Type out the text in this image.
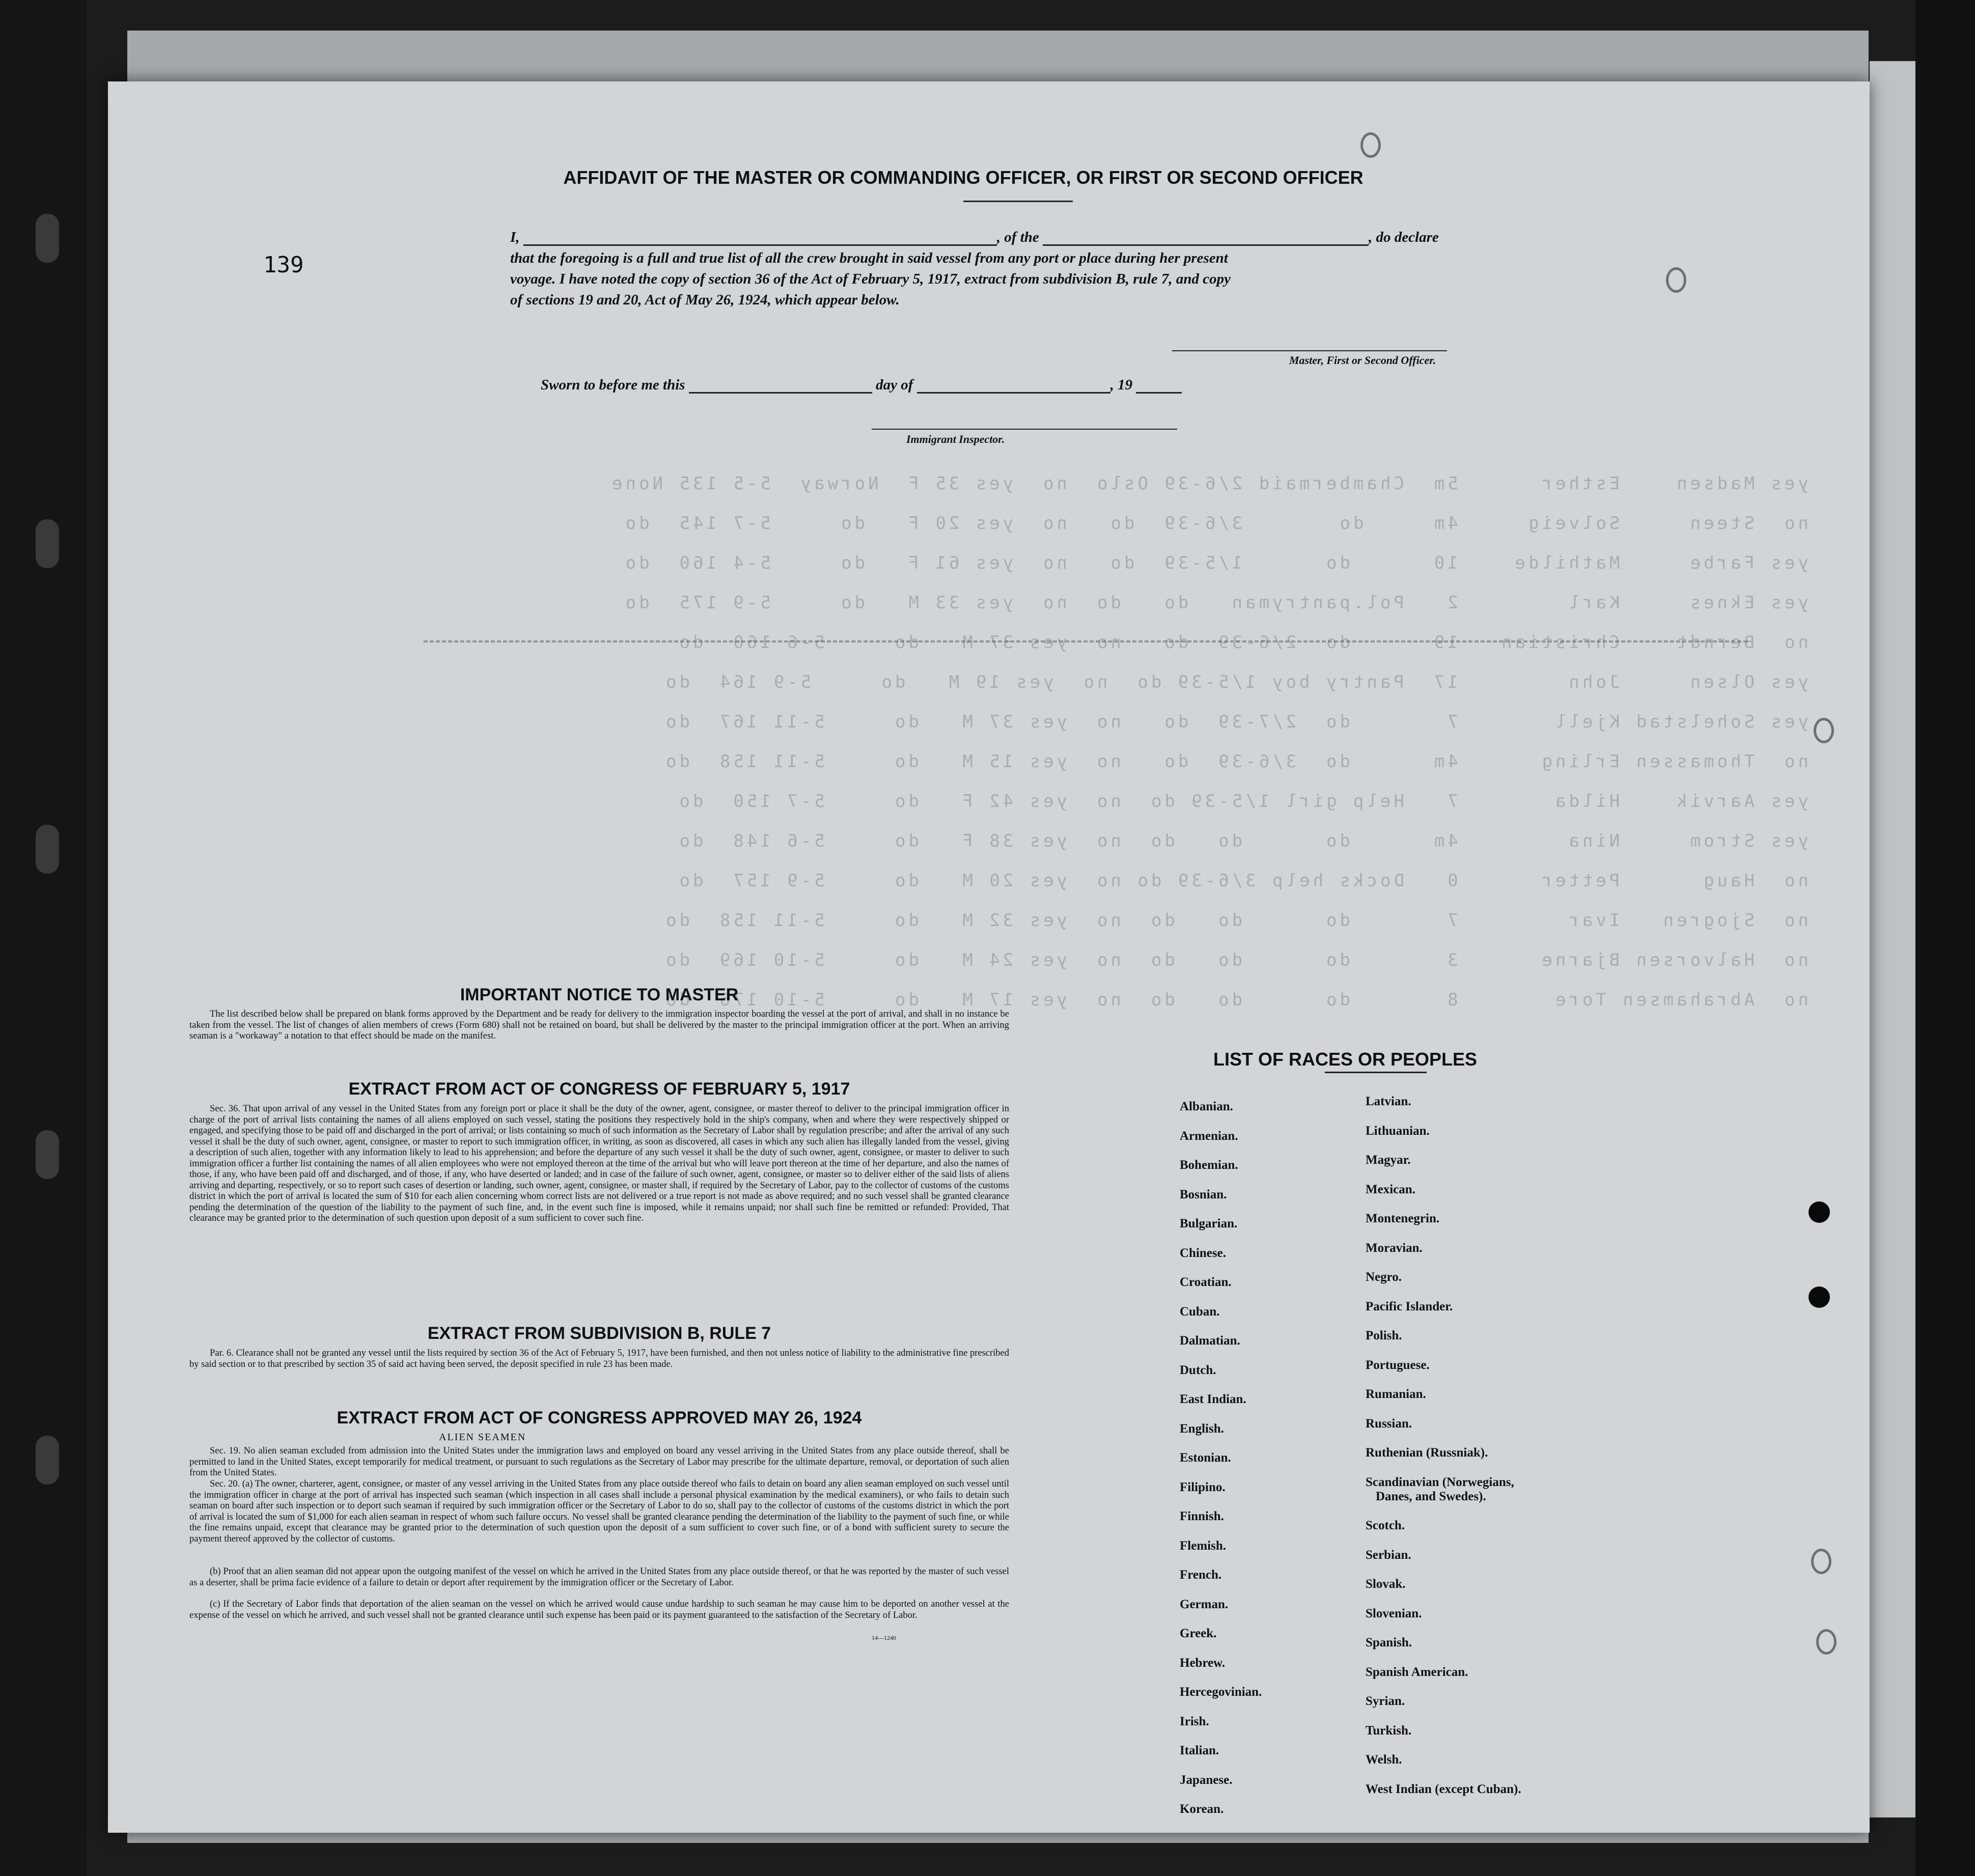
yes Madsen    Esther      5m  Chambermaid 2/6-39 Oslo  no  yes 35 F  Norway  5-5 135 None
no  Steen     Solveig     4m     do       3/6-39  do   no  yes 20 F   do     5-7 145  do
yes Farbe     Mathilde    10      do      1/5-39  do   no  yes 61 F   do     5-4 160  do
yes Eknes     Karl        2   Pol.pantryman   do   do  no  yes 33 M   do     5-9 175  do
no  Berndt    Christian   19      do  2/6-39  do   no  yes 37 M   do     5-6 160  do
yes Olsen     John        17  Pantry boy 1/5-39 do  no  yes 19 M   do     5-9 164  do
yes Sohelstad Kjell       7       do  2/7-39  do   no  yes 37 M   do     5-11 167  do
no  Thomassen Erling      4m      do  3/6-39  do   no  yes 15 M   do     5-11 158  do
yes Aarvik    Hilda       7   Help girl 1/5-39 do  no  yes 42 F   do     5-7 150  do
yes Strom     Nina        4m      do      do   do  no  yes 38 F   do     5-6 148  do
no  Haug      Petter      0   Docks help 3/6-39 do no  yes 20 M   do     5-9 157  do
no  Sjogren   Ivar        7       do      do   do  no  yes 32 M   do     5-11 158  do
no  Halvorsen Bjarne      3       do      do   do  no  yes 24 M   do     5-10 169  do
no  Abrahamsen Tore       8       do      do   do  no  yes 17 M   do     5-10 176  do
139
AFFIDAVIT OF THE MASTER OR COMMANDING OFFICER, OR FIRST OR SECOND OFFICER
I,	, of the	, do declare
that the foregoing is a full and true list of all the crew brought in said vessel from any port or place during her present
voyage. I have noted the copy of section 36 of the Act of February 5, 1917, extract from subdivision B, rule 7, and copy
of sections 19 and 20, Act of May 26, 1924, which appear below.
Master, First or Second Officer.
Sworn to before me this	day of	, 19
Immigrant Inspector.
IMPORTANT NOTICE TO MASTER
The list described below shall be prepared on blank forms approved by the Department and be ready for delivery to the immigration inspector boarding the vessel at the port of arrival, and shall in no instance be taken from the vessel. The list of changes of alien members of crews (Form 680) shall not be retained on board, but shall be delivered by the master to the principal immigration officer at the port. When an arriving seaman is a "workaway" a notation to that effect should be made on the manifest.
EXTRACT FROM ACT OF CONGRESS OF FEBRUARY 5, 1917
Sec. 36. That upon arrival of any vessel in the United States from any foreign port or place it shall be the duty of the owner, agent, consignee, or master thereof to deliver to the principal immigration officer in charge of the port of arrival lists containing the names of all aliens employed on such vessel, stating the positions they respectively hold in the ship's company, when and where they were respectively shipped or engaged, and specifying those to be paid off and discharged in the port of arrival; or lists containing so much of such information as the Secretary of Labor shall by regulation prescribe; and after the arrival of any such vessel it shall be the duty of such owner, agent, consignee, or master to report to such immigration officer, in writing, as soon as discovered, all cases in which any such alien has illegally landed from the vessel, giving a description of such alien, together with any information likely to lead to his apprehension; and before the departure of any such vessel it shall be the duty of such owner, agent, consignee, or master to deliver to such immigration officer a further list containing the names of all alien employees who were not employed thereon at the time of the arrival but who will leave port thereon at the time of her departure, and also the names of those, if any, who have been paid off and discharged, and of those, if any, who have deserted or landed; and in case of the failure of such owner, agent, consignee, or master so to deliver either of the said lists of aliens arriving and departing, respectively, or so to report such cases of desertion or landing, such owner, agent, consignee, or master shall, if required by the Secretary of Labor, pay to the collector of customs of the customs district in which the port of arrival is located the sum of $10 for each alien concerning whom correct lists are not delivered or a true report is not made as above required; and no such vessel shall be granted clearance pending the determination of the question of the liability to the payment of such fine, and, in the event such fine is imposed, while it remains unpaid; nor shall such fine be remitted or refunded: Provided, That clearance may be granted prior to the determination of such question upon deposit of a sum sufficient to cover such fine.
EXTRACT FROM SUBDIVISION B, RULE 7
Par. 6. Clearance shall not be granted any vessel until the lists required by section 36 of the Act of February 5, 1917, have been furnished, and then not unless notice of liability to the administrative fine prescribed by said section or to that prescribed by section 35 of said act having been served, the deposit specified in rule 23 has been made.
EXTRACT FROM ACT OF CONGRESS APPROVED MAY 26, 1924
ALIEN SEAMEN
Sec. 19. No alien seaman excluded from admission into the United States under the immigration laws and employed on board any vessel arriving in the United States from any place outside thereof, shall be permitted to land in the United States, except temporarily for medical treatment, or pursuant to such regulations as the Secretary of Labor may prescribe for the ultimate departure, removal, or deportation of such alien from the United States.
Sec. 20. (a) The owner, charterer, agent, consignee, or master of any vessel arriving in the United States from any place outside thereof who fails to detain on board any alien seaman employed on such vessel until the immigration officer in charge at the port of arrival has inspected such seaman (which inspection in all cases shall include a personal physical examination by the medical examiners), or who fails to detain such seaman on board after such inspection or to deport such seaman if required by such immigration officer or the Secretary of Labor to do so, shall pay to the collector of customs of the customs district in which the port of arrival is located the sum of $1,000 for each alien seaman in respect of whom such failure occurs. No vessel shall be granted clearance pending the determination of the liability to the payment of such fine, or while the fine remains unpaid, except that clearance may be granted prior to the determination of such question upon the deposit of a sum sufficient to cover such fine, or of a bond with sufficient surety to secure the payment thereof approved by the collector of customs.
(b) Proof that an alien seaman did not appear upon the outgoing manifest of the vessel on which he arrived in the United States from any place outside thereof, or that he was reported by the master of such vessel as a deserter, shall be prima facie evidence of a failure to detain or deport after requirement by the immigration officer or the Secretary of Labor.
(c) If the Secretary of Labor finds that deportation of the alien seaman on the vessel on which he arrived would cause undue hardship to such seaman he may cause him to be deported on another vessel at the expense of the vessel on which he arrived, and such vessel shall not be granted clearance until such expense has been paid or its payment guaranteed to the satisfaction of the Secretary of Labor.
14—1240
LIST OF RACES OR PEOPLES
Albanian.
Armenian.
Bohemian.
Bosnian.
Bulgarian.
Chinese.
Croatian.
Cuban.
Dalmatian.
Dutch.
East Indian.
English.
Estonian.
Filipino.
Finnish.
Flemish.
French.
German.
Greek.
Hebrew.
Hercegovinian.
Irish.
Italian.
Japanese.
Korean.
Latvian.
Lithuanian.
Magyar.
Mexican.
Montenegrin.
Moravian.
Negro.
Pacific Islander.
Polish.
Portuguese.
Rumanian.
Russian.
Ruthenian (Russniak).
Scandinavian (Norwegians,
Danes, and Swedes).
Scotch.
Serbian.
Slovak.
Slovenian.
Spanish.
Spanish American.
Syrian.
Turkish.
Welsh.
West Indian (except Cuban).
